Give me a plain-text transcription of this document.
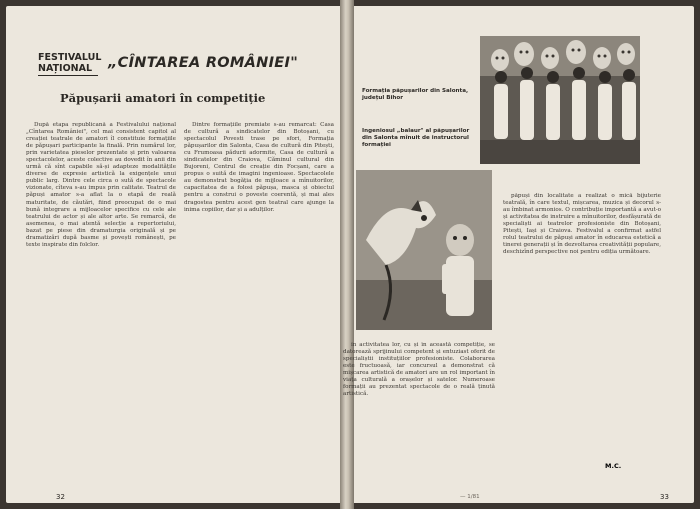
FESTIVALUL
NAȚIONAL	„CÎNTAREA ROMÂNIEI"
Păpușarii amatori în competiție

După etapa republicană a Festivalului național „Cîntarea României", cel mai consistent capitol al creației teatrale de amatori îl constituie formațiile de păpușari participante la finală. Prin numărul lor, prin varietatea pieselor prezentate și prin valoarea spectacolelor, aceste colective au dovedit în anii din urmă că sînt capabile să-și adapteze modalitățile diverse de expresie artistică la exigențele unui public larg. Dintre cele circa o sută de spectacole vizionate, cîteva s-au impus prin calitate. Teatrul de păpuși amator s-a aflat la o etapă de reală maturitate, de căutări, fiind preocupat de o mai bună integrare a mijloacelor specifice cu cele ale teatrului de actor și ale altor arte. Se remarcă, de asemenea, o mai atentă selecție a repertoriului, bazat pe piese din dramaturgia originală și pe dramatizări după basme și povești românești, pe texte inspirate din folclor.

Dintre formațiile premiate s-au remarcat: Casa de cultură a sindicatelor din Botoșani, cu spectacolul Povesti trase pe sfori, Formația păpușarilor din Salonta, Casa de cultură din Pitești, cu Frumoasa pădurii adormite, Casa de cultură a sindicatelor din Craiova, Căminul cultural din Bujoreni, Centrul de creație din Focșani, care a propus o suită de imagini ingenioase. Spectacolele au demonstrat bogăția de mijloace a mînuitorilor, capacitatea de a folosi păpușa, masca și obiectul pentru a construi o poveste coerentă, și mai ales dragostea pentru acest gen teatral care ajunge la inima copiilor, dar și a adulților.

32
Formația păpușarilor din Salonta, județul Bihor
Ingeniosul „balaur" al păpușarilor din Salonta mînuit de instructorul formației

în activitatea lor, cu și în această competiție, se datorează sprijinului competent și entuziast oferit de specialiștii instituțiilor profesioniste. Colaborarea este fructuoasă, iar concursul a demonstrat că mișcarea artistică de amatori are un rol important în viața culturală a orașelor și satelor. Numeroase formații au prezentat spectacole de o reală ținută artistică.

păpuși din localitate a realizat o mică bijuterie teatrală, în care textul, mișcarea, muzica și decorul s-au îmbinat armonios. O contribuție importantă a avut-o și activitatea de instruire a mînuitorilor, desfășurată de specialiști ai teatrelor profesioniste din Botoșani, Pitești, Iași și Craiova. Festivalul a confirmat astfel rolul teatrului de păpuși amator în educarea estetică a tinerei generații și în dezvoltarea creativității populare, deschizînd perspective noi pentru ediția următoare.

M.C.
— 1/81	33
